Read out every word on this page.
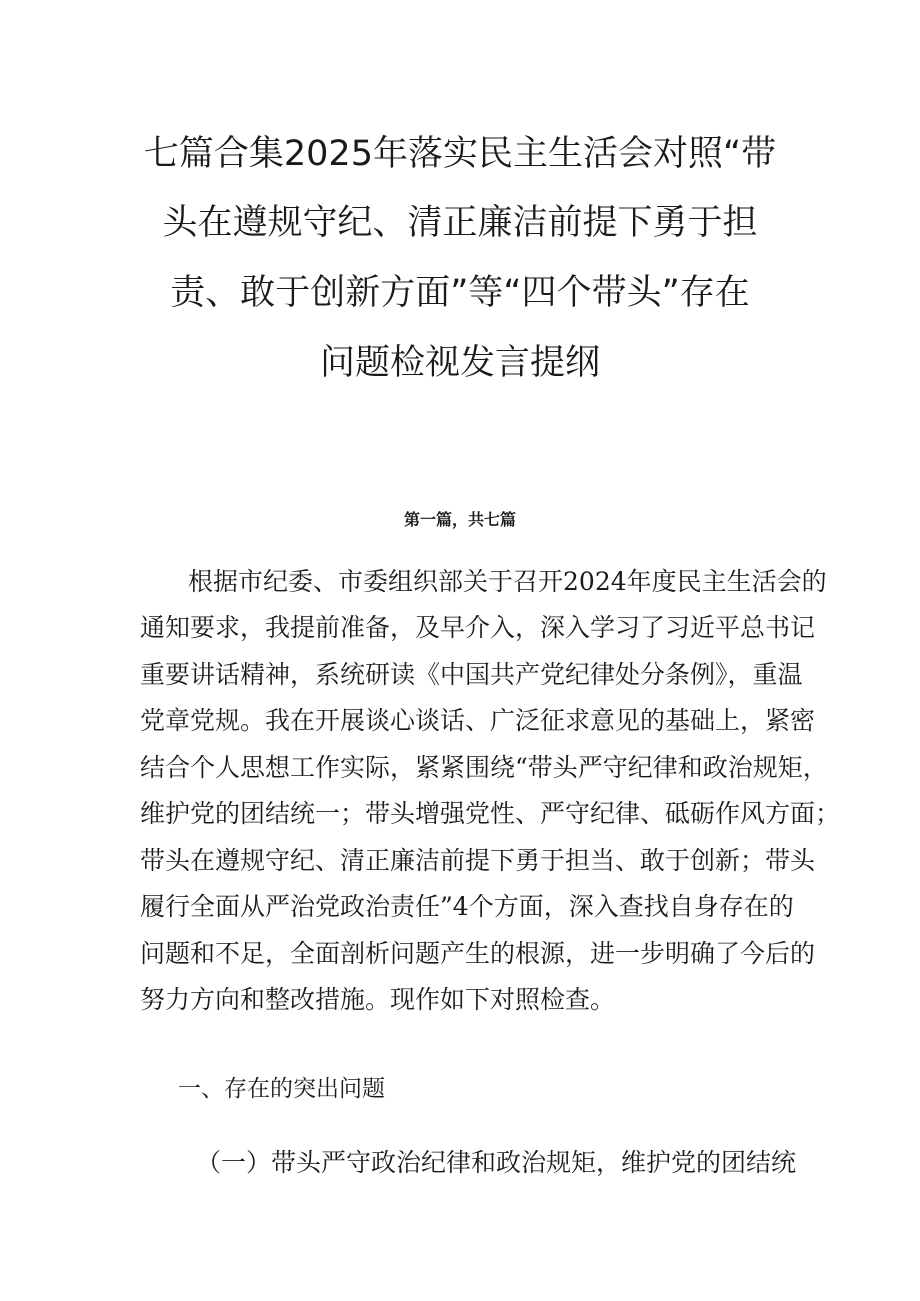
七篇合集2025年落实民主生活会对照“带
头在遵规守纪、清正廉洁前提下勇于担
责、敢于创新方面”等“四个带头”存在
问题检视发言提纲
第一篇，共七篇
根据市纪委、市委组织部关于召开2024年度民主生活会的
通知要求，我提前准备，及早介入，深入学习了习近平总书记
重要讲话精神，系统研读《中国共产党纪律处分条例》，重温
党章党规。我在开展谈心谈话、广泛征求意见的基础上，紧密
结合个人思想工作实际，紧紧围绕“带头严守纪律和政治规矩，
维护党的团结统一；带头增强党性、严守纪律、砥砺作风方面；
带头在遵规守纪、清正廉洁前提下勇于担当、敢于创新；带头
履行全面从严治党政治责任”4个方面，深入查找自身存在的
问题和不足，全面剖析问题产生的根源，进一步明确了今后的
努力方向和整改措施。现作如下对照检查。
一、存在的突出问题
（一）带头严守政治纪律和政治规矩，维护党的团结统
